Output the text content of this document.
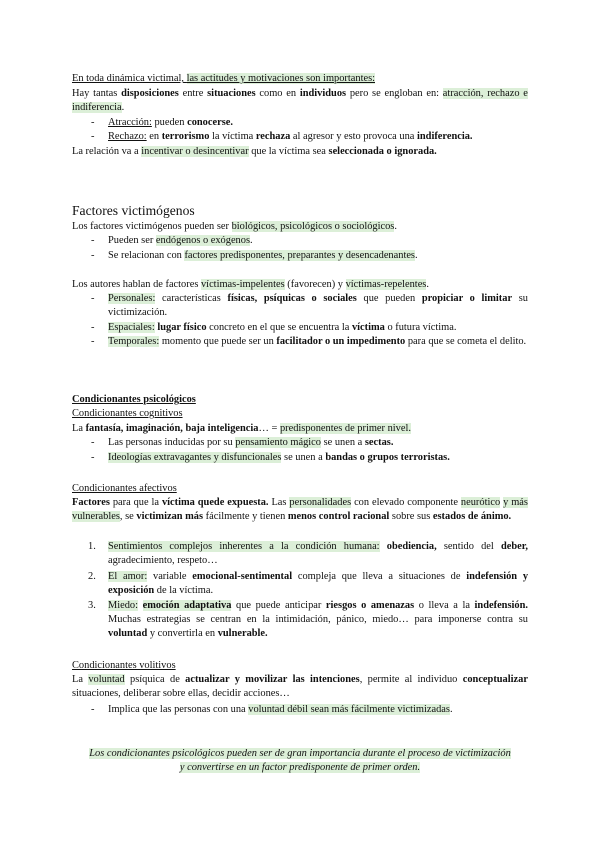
En toda dinámica victimal, las actitudes y motivaciones son importantes:

Hay tantas disposiciones entre situaciones como en individuos pero se engloban en: atracción, rechazo e indiferencia.

-	Atracción: pueden conocerse.
-	Rechazo: en terrorismo la víctima rechaza al agresor y esto provoca una indiferencia.

La relación va a incentivar o desincentivar que la víctima sea seleccionada o ignorada.

Factores victimógenos

Los factores victimógenos pueden ser biológicos, psicológicos o sociológicos.

-	Pueden ser endógenos o exógenos.
-	Se relacionan con factores predisponentes, preparantes y desencadenantes.

Los autores hablan de factores víctimas-impelentes (favorecen) y víctimas-repelentes.

-	Personales: características físicas, psíquicas o sociales que pueden propiciar o limitar su victimización.
-	Espaciales: lugar físico concreto en el que se encuentra la víctima o futura víctima.
-	Temporales: momento que puede ser un facilitador o un impedimento para que se cometa el delito.

Condicionantes psicológicos

Condicionantes cognitivos

La fantasía, imaginación, baja inteligencia… = predisponentes de primer nivel.

-	Las personas inducidas por su pensamiento mágico se unen a sectas.
-	Ideologías extravagantes y disfuncionales se unen a bandas o grupos terroristas.

Condicionantes afectivos

Factores para que la víctima quede expuesta. Las personalidades con elevado componente neurótico y más vulnerables, se victimizan más fácilmente y tienen menos control racional sobre sus estados de ánimo.

1.	Sentimientos complejos inherentes a la condición humana: obediencia, sentido del deber, agradecimiento, respeto…
2.	El amor: variable emocional-sentimental compleja que lleva a situaciones de indefensión y exposición de la víctima.
3.	Miedo: emoción adaptativa que puede anticipar riesgos o amenazas o lleva a la indefensión. Muchas estrategias se centran en la intimidación, pánico, miedo… para imponerse contra su voluntad y convertirla en vulnerable.

Condicionantes volitivos

La voluntad psíquica de actualizar y movilizar las intenciones, permite al individuo conceptualizar situaciones, deliberar sobre ellas, decidir acciones…

-	Implica que las personas con una voluntad débil sean más fácilmente victimizadas.

Los condicionantes psicológicos pueden ser de gran importancia durante el proceso de victimización

y convertirse en un factor predisponente de primer orden.
